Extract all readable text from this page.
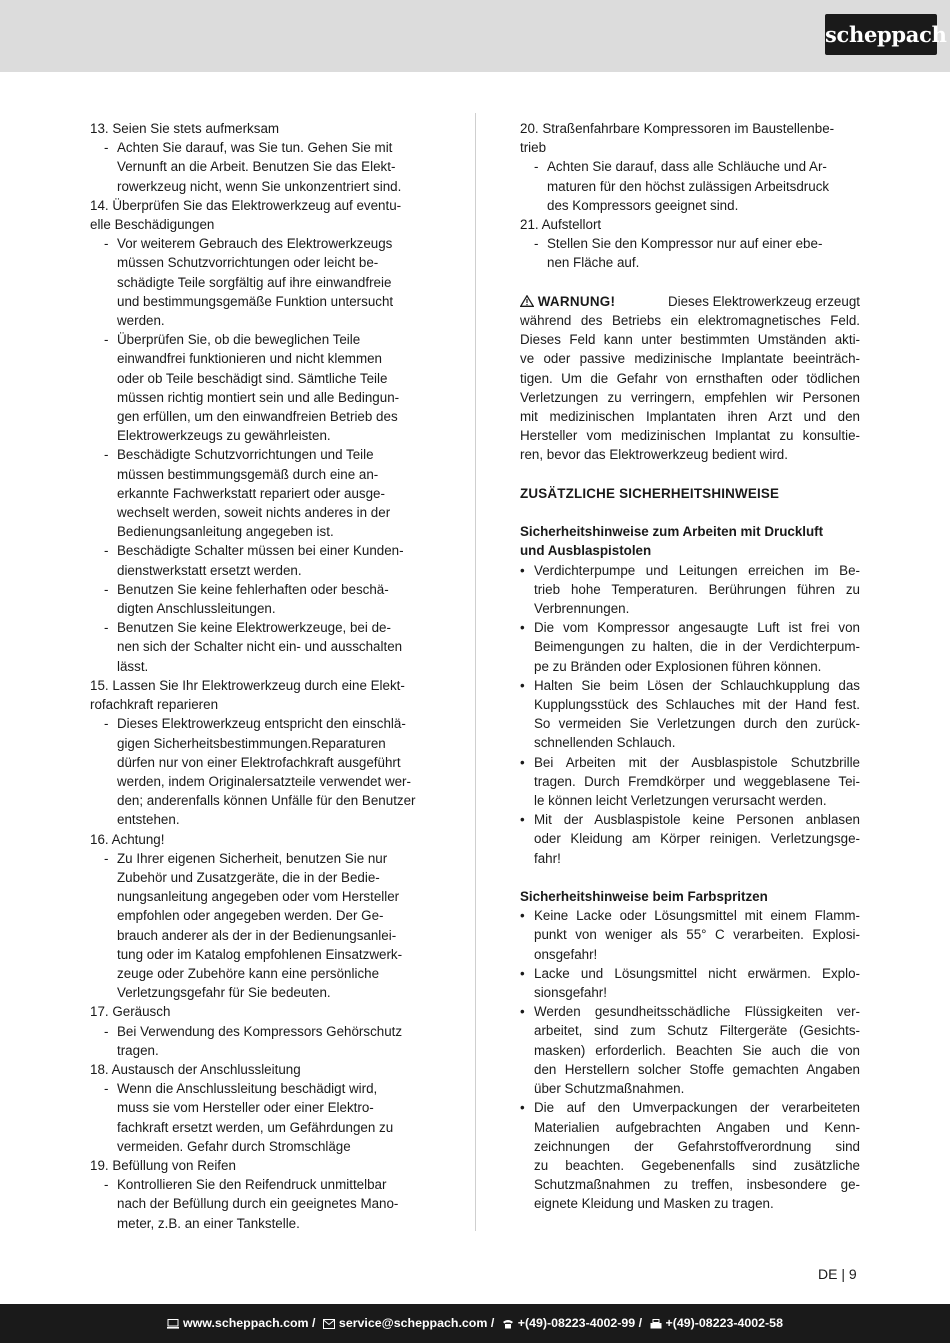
scheppach
13. Seien Sie stets aufmerksam
- Achten Sie darauf, was Sie tun. Gehen Sie mit
Vernunft an die Arbeit. Benutzen Sie das Elekt-
rowerkzeug nicht, wenn Sie unkonzentriert sind.
14. Überprüfen Sie das Elektrowerkzeug auf eventu-
elle Beschädigungen
- Vor weiterem Gebrauch des Elektrowerkzeugs
müssen Schutzvorrichtungen oder leicht be-
schädigte Teile sorgfältig auf ihre einwandfreie
und bestimmungsgemäße Funktion untersucht
werden.
- Überprüfen Sie, ob die beweglichen Teile
einwandfrei funktionieren und nicht klemmen
oder ob Teile beschädigt sind. Sämtliche Teile
müssen richtig montiert sein und alle Bedingun-
gen erfüllen, um den einwandfreien Betrieb des
Elektrowerkzeugs zu gewährleisten.
- Beschädigte Schutzvorrichtungen und Teile
müssen bestimmungsgemäß durch eine an-
erkannte Fachwerkstatt repariert oder ausge-
wechselt werden, soweit nichts anderes in der
Bedienungsanleitung angegeben ist.
- Beschädigte Schalter müssen bei einer Kunden-
dienstwerkstatt ersetzt werden.
- Benutzen Sie keine fehlerhaften oder beschä-
digten Anschlussleitungen.
- Benutzen Sie keine Elektrowerkzeuge, bei de-
nen sich der Schalter nicht ein- und ausschalten
lässt.
15. Lassen Sie Ihr Elektrowerkzeug durch eine Elekt-
rofachkraft reparieren
- Dieses Elektrowerkzeug entspricht den einschlä-
gigen Sicherheitsbestimmungen.Reparaturen
dürfen nur von einer Elektrofachkraft ausgeführt
werden, indem Originalersatzteile verwendet wer-
den; anderenfalls können Unfälle für den Benutzer
entstehen.
16. Achtung!
- Zu Ihrer eigenen Sicherheit, benutzen Sie nur
Zubehör und Zusatzgeräte, die in der Bedie-
nungsanleitung angegeben oder vom Hersteller
empfohlen oder angegeben werden. Der Ge-
brauch anderer als der in der Bedienungsanlei-
tung oder im Katalog empfohlenen Einsatzwerk-
zeuge oder Zubehöre kann eine persönliche
Verletzungsgefahr für Sie bedeuten.
17. Geräusch
- Bei Verwendung des Kompressors Gehörschutz
tragen.
18. Austausch der Anschlussleitung
- Wenn die Anschlussleitung beschädigt wird,
muss sie vom Hersteller oder einer Elektro-
fachkraft ersetzt werden, um Gefährdungen zu
vermeiden. Gefahr durch Stromschläge
19. Befüllung von Reifen
- Kontrollieren Sie den Reifendruck unmittelbar
nach der Befüllung durch ein geeignetes Mano-
meter, z.B. an einer Tankstelle.
20. Straßenfahrbare Kompressoren im Baustellenbe-
trieb
- Achten Sie darauf, dass alle Schläuche und Ar-
maturen für den höchst zulässigen Arbeitsdruck
des Kompressors geeignet sind.
21. Aufstellort
- Stellen Sie den Kompressor nur auf einer ebe-
nen Fläche auf.
WARNUNG!	Dieses Elektrowerkzeug erzeugt
während des Betriebs ein elektromagnetisches Feld.
Dieses Feld kann unter bestimmten Umständen akti-
ve oder passive medizinische Implantate beeinträch-
tigen. Um die Gefahr von ernsthaften oder tödlichen
Verletzungen zu verringern, empfehlen wir Personen
mit medizinischen Implantaten ihren Arzt und den
Hersteller vom medizinischen Implantat zu konsultie-
ren, bevor das Elektrowerkzeug bedient wird.
ZUSÄTZLICHE SICHERHEITSHINWEISE
Sicherheitshinweise zum Arbeiten mit Druckluft
und Ausblaspistolen
• Verdichterpumpe und Leitungen erreichen im Be-
trieb hohe Temperaturen. Berührungen führen zu
Verbrennungen.
• Die vom Kompressor angesaugte Luft ist frei von
Beimengungen zu halten, die in der Verdichterpum-
pe zu Bränden oder Explosionen führen können.
• Halten Sie beim Lösen der Schlauchkupplung das
Kupplungsstück des Schlauches mit der Hand fest.
So vermeiden Sie Verletzungen durch den zurück-
schnellenden Schlauch.
• Bei Arbeiten mit der Ausblaspistole Schutzbrille
tragen. Durch Fremdkörper und weggeblasene Tei-
le können leicht Verletzungen verursacht werden.
• Mit der Ausblaspistole keine Personen anblasen
oder Kleidung am Körper reinigen. Verletzungsge-
fahr!
Sicherheitshinweise beim Farbspritzen
• Keine Lacke oder Lösungsmittel mit einem Flamm-
punkt von weniger als 55° C verarbeiten. Explosi-
onsgefahr!
• Lacke und Lösungsmittel nicht erwärmen. Explo-
sionsgefahr!
• Werden gesundheitsschädliche Flüssigkeiten ver-
arbeitet, sind zum Schutz Filtergeräte (Gesichts-
masken) erforderlich. Beachten Sie auch die von
den Herstellern solcher Stoffe gemachten Angaben
über Schutzmaßnahmen.
• Die auf den Umverpackungen der verarbeiteten
Materialien aufgebrachten Angaben und Kenn-
zeichnungen der Gefahrstoffverordnung sind
zu beachten. Gegebenenfalls sind zusätzliche
Schutzmaßnahmen zu treffen, insbesondere ge-
eignete Kleidung und Masken zu tragen.
DE | 9
www.scheppach.com / service@scheppach.com / +(49)-08223-4002-99 / +(49)-08223-4002-58
